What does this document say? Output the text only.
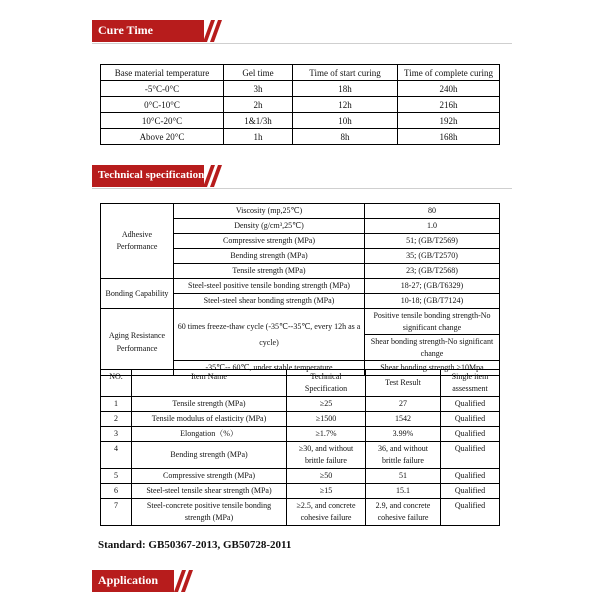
Cure Time
Base material temperature	Gel time	Time of start curing	Time of complete curing
-5°C-0°C	3h	18h	240h
0°C-10°C	2h	12h	216h
10°C-20°C	1&1/3h	10h	192h
Above 20°C	1h	8h	168h
Technical specification
Adhesive Performance	Viscosity (mp,25℃)	80
	Density (g/cm³,25℃)	1.0
	Compressive strength (MPa)	51; (GB/T2569)
	Bending strength (MPa)	35; (GB/T2570)
	Tensile strength (MPa)	23; (GB/T2568)
Bonding Capability	Steel-steel positive tensile bonding strength (MPa)	18-27; (GB/T6329)
	Steel-steel shear bonding strength (MPa)	10-18; (GB/T7124)
Aging Resistance Performance	60 times freeze-thaw cycle (-35℃--35℃, every 12h as a cycle)	Positive tensile bonding strength-No significant change
		Shear bonding strength-No significant change
	-35℃-- 60℃, under stable temperature	Shear bonding strength.>10Mpa
NO.	Item Name	Technical Specification	Test Result	Single item assessment
1	Tensile strength (MPa)	≥25	27	Qualified
2	Tensile modulus of elasticity (MPa)	≥1500	1542	Qualified
3	Elongation（%）	≥1.7%	3.99%	Qualified
4	Bending strength (MPa)	≥30, and without brittle failure	36, and without brittle failure	Qualified
5	Compressive strength (MPa)	≥50	51	Qualified
6	Steel-steel tensile shear strength (MPa)	≥15	15.1	Qualified
7	Steel-concrete positive tensile bonding strength (MPa)	≥2.5, and concrete cohesive failure	2.9, and concrete cohesive failure	Qualified
Standard: GB50367-2013, GB50728-2011
Application
